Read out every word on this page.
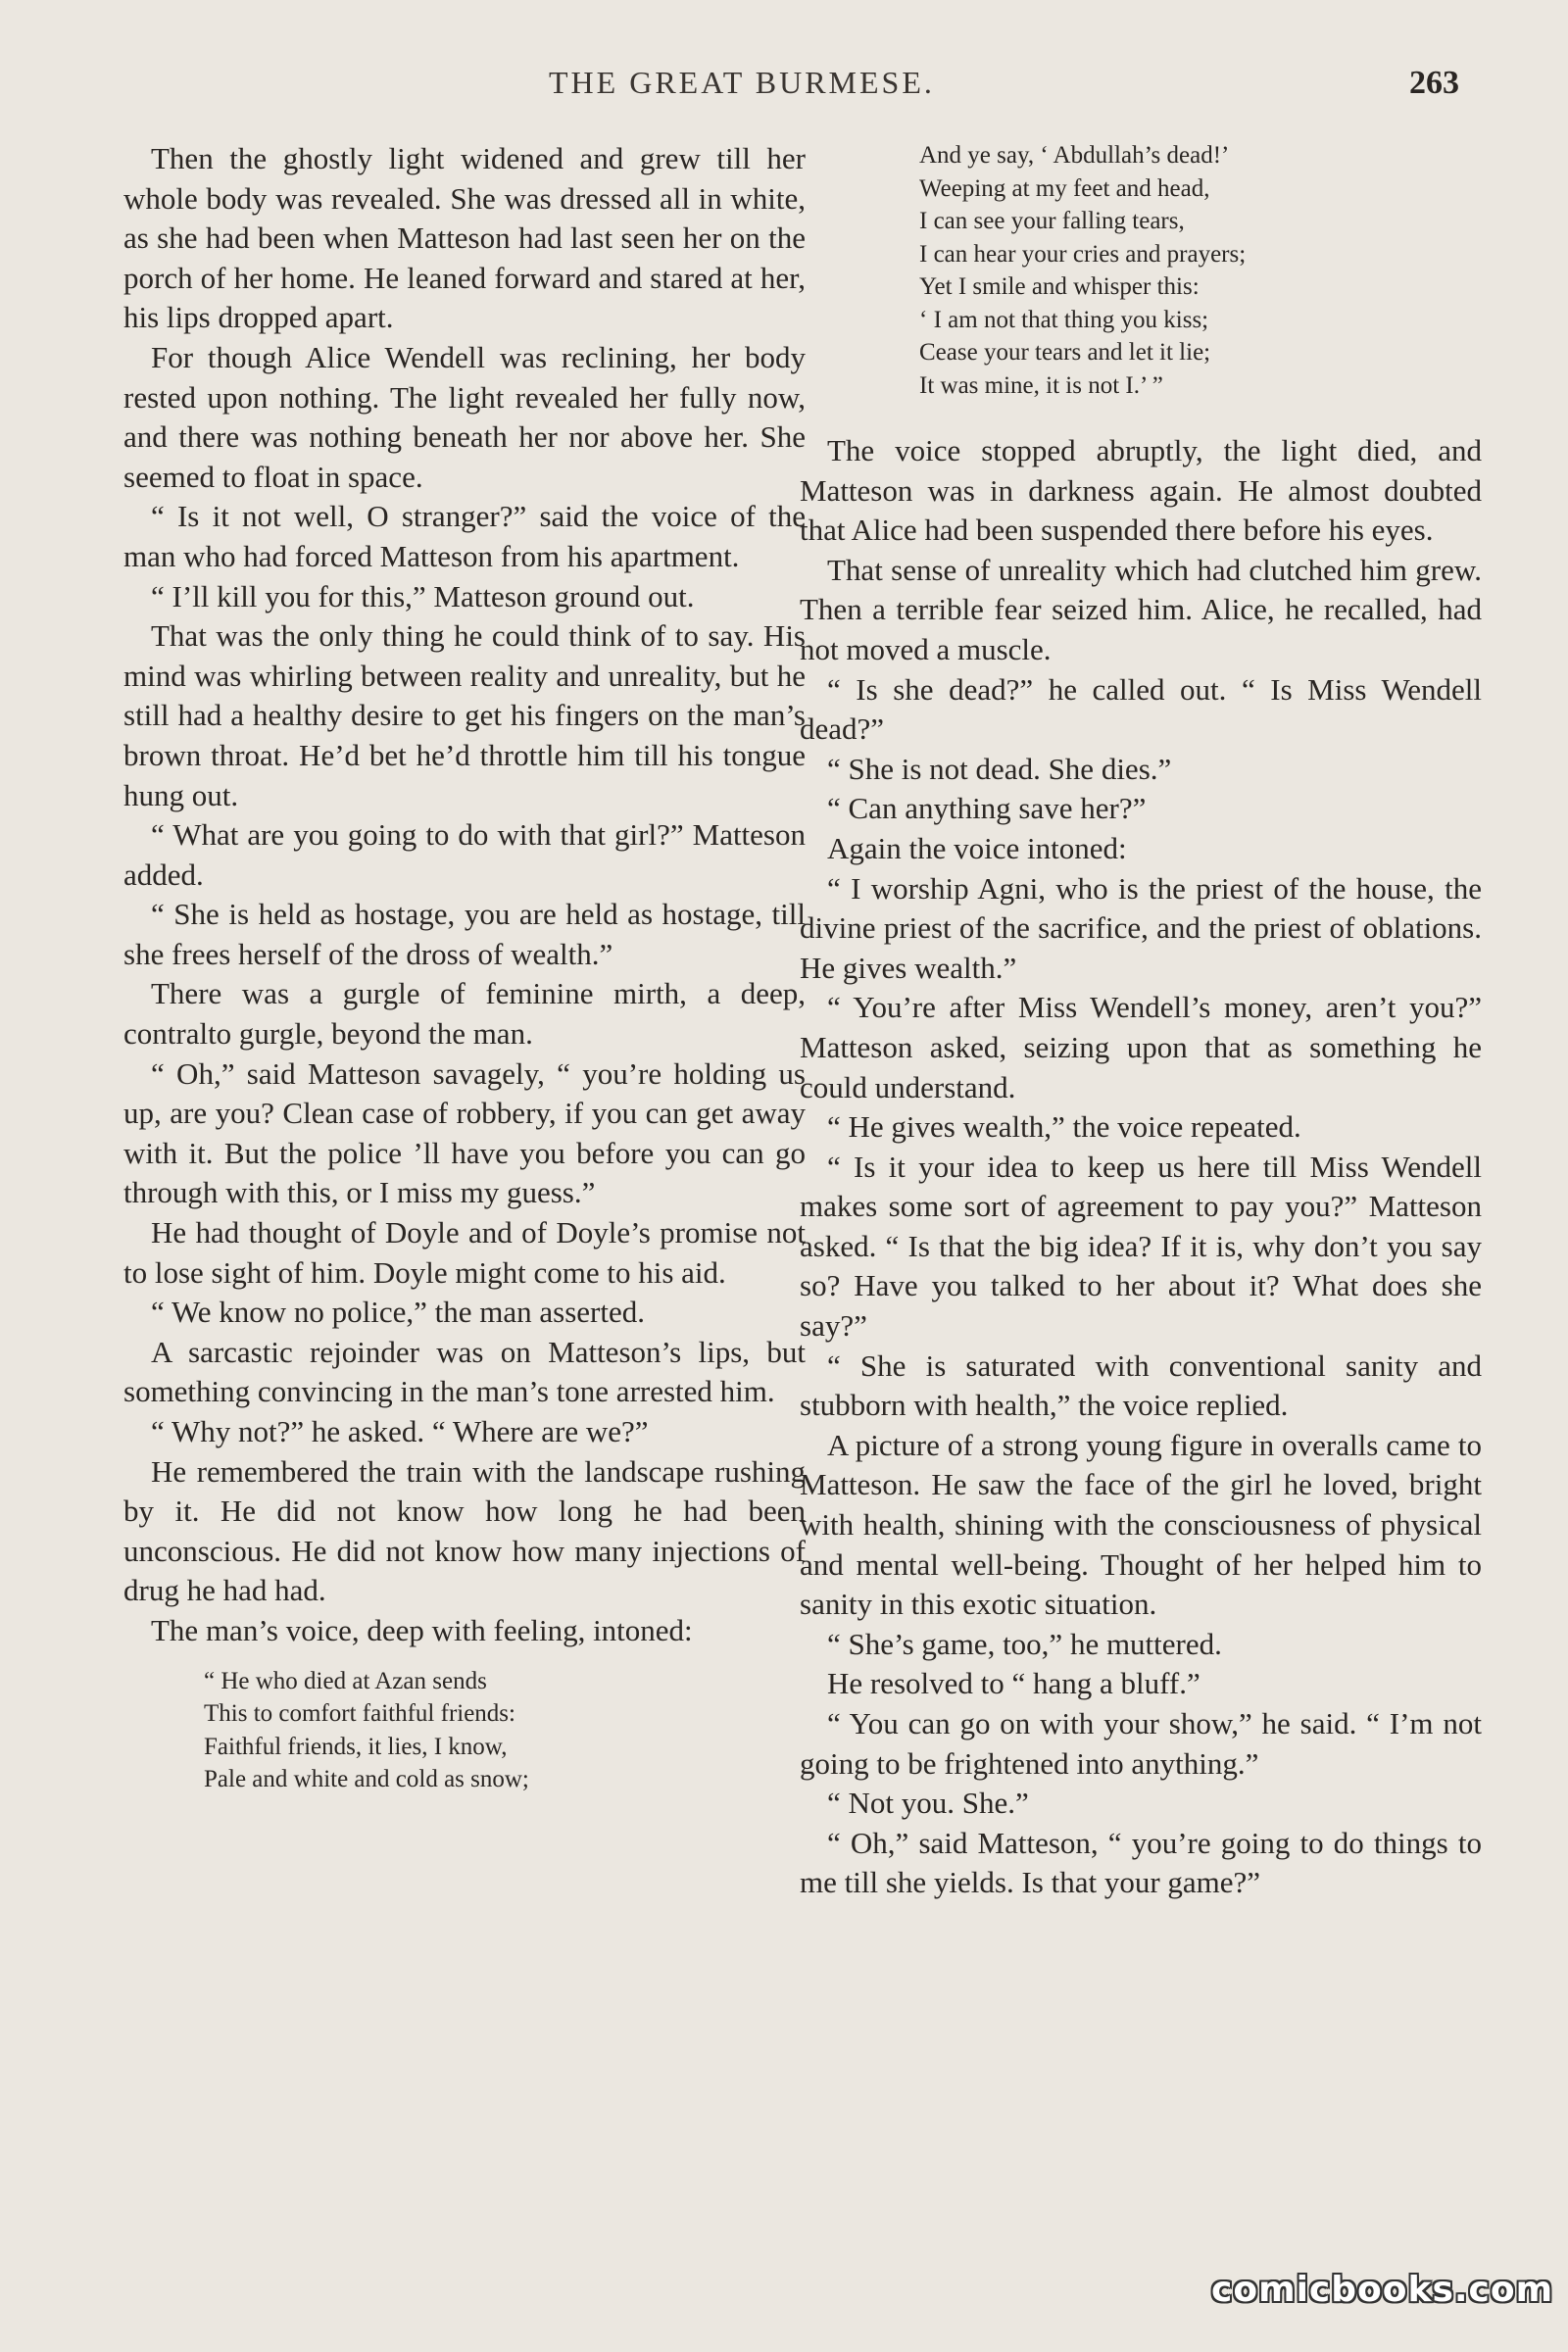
THE GREAT BURMESE.	263

Then the ghostly light widened and grew till her whole body was revealed. She was dressed all in white, as she had been when Matteson had last seen her on the porch of her home. He leaned forward and stared at her, his lips dropped apart.

For though Alice Wendell was reclining, her body rested upon nothing. The light revealed her fully now, and there was nothing beneath her nor above her. She seemed to float in space.

“ Is it not well, O stranger?” said the voice of the man who had forced Matteson from his apartment.

“ I’ll kill you for this,” Matteson ground out.

That was the only thing he could think of to say. His mind was whirling between reality and unreality, but he still had a healthy desire to get his fingers on the man’s brown throat. He’d bet he’d throttle him till his tongue hung out.

“ What are you going to do with that girl?” Matteson added.

“ She is held as hostage, you are held as hostage, till she frees herself of the dross of wealth.”

There was a gurgle of feminine mirth, a deep, contralto gurgle, beyond the man.

“ Oh,” said Matteson savagely, “ you’re holding us up, are you? Clean case of robbery, if you can get away with it. But the police ’ll have you before you can go through with this, or I miss my guess.”

He had thought of Doyle and of Doyle’s promise not to lose sight of him. Doyle might come to his aid.

“ We know no police,” the man asserted.

A sarcastic rejoinder was on Matteson’s lips, but something convincing in the man’s tone arrested him.

“ Why not?” he asked. “ Where are we?”

He remembered the train with the landscape rushing by it. He did not know how long he had been unconscious. He did not know how many injections of drug he had had.

The man’s voice, deep with feeling, intoned:

“ He who died at Azan sends
This to comfort faithful friends:
Faithful friends, it lies, I know,
Pale and white and cold as snow;
And ye say, ‘ Abdullah’s dead!’
Weeping at my feet and head,
I can see your falling tears,
I can hear your cries and prayers;
Yet I smile and whisper this:
‘ I am not that thing you kiss;
Cease your tears and let it lie;
It was mine, it is not I.’ ”

The voice stopped abruptly, the light died, and Matteson was in darkness again. He almost doubted that Alice had been suspended there before his eyes.

That sense of unreality which had clutched him grew. Then a terrible fear seized him. Alice, he recalled, had not moved a muscle.

“ Is she dead?” he called out. “ Is Miss Wendell dead?”

“ She is not dead. She dies.”

“ Can anything save her?”

Again the voice intoned:

“ I worship Agni, who is the priest of the house, the divine priest of the sacrifice, and the priest of oblations. He gives wealth.”

“ You’re after Miss Wendell’s money, aren’t you?” Matteson asked, seizing upon that as something he could understand.

“ He gives wealth,” the voice repeated.

“ Is it your idea to keep us here till Miss Wendell makes some sort of agreement to pay you?” Matteson asked. “ Is that the big idea? If it is, why don’t you say so? Have you talked to her about it? What does she say?”

“ She is saturated with conventional sanity and stubborn with health,” the voice replied.

A picture of a strong young figure in overalls came to Matteson. He saw the face of the girl he loved, bright with health, shining with the consciousness of physical and mental well-being. Thought of her helped him to sanity in this exotic situation.

“ She’s game, too,” he muttered.

He resolved to “ hang a bluff.”

“ You can go on with your show,” he said. “ I’m not going to be frightened into anything.”

“ Not you. She.”

“ Oh,” said Matteson, “ you’re going to do things to me till she yields. Is that your game?”

comicbooks.com
